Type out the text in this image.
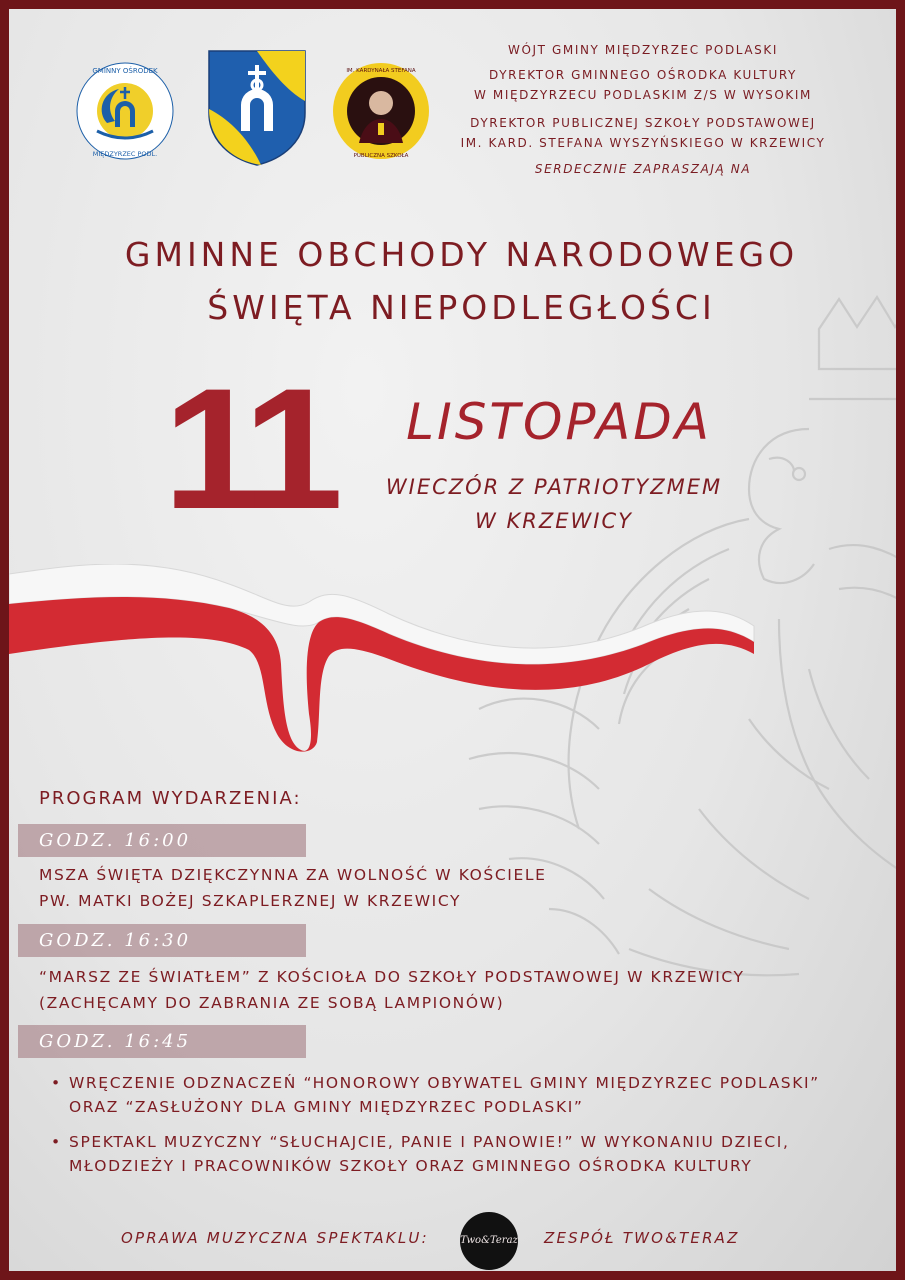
GMINNY OŚRODEK
MIĘDZYRZEC PODL.
IM. KARDYNAŁA STEFANA
PUBLICZNA SZKOŁA
WÓJT GMINY MIĘDZYRZEC PODLASKI
DYREKTOR GMINNEGO OŚRODKA KULTURY
W MIĘDZYRZECU PODLASKIM Z/S W WYSOKIM
DYREKTOR PUBLICZNEJ SZKOŁY PODSTAWOWEJ
IM. KARD. STEFANA WYSZYŃSKIEGO W KRZEWICY
SERDECZNIE ZAPRASZAJĄ NA
GMINNE OBCHODY NARODOWEGO
ŚWIĘTA NIEPODLEGŁOŚCI
11	LISTOPADA
WIECZÓR Z PATRIOTYZMEM
W KRZEWICY
PROGRAM WYDARZENIA:
GODZ. 16:00
MSZA ŚWIĘTA DZIĘKCZYNNA ZA WOLNOŚĆ W KOŚCIELE
PW. MATKI BOŻEJ SZKAPLERZNEJ W KRZEWICY
GODZ. 16:30
“MARSZ ZE ŚWIATŁEM” Z KOŚCIOŁA DO SZKOŁY PODSTAWOWEJ W KRZEWICY
(ZACHĘCAMY DO ZABRANIA ZE SOBĄ LAMPIONÓW)
GODZ. 16:45
• WRĘCZENIE ODZNACZEŃ “HONOROWY OBYWATEL GMINY MIĘDZYRZEC PODLASKI”
ORAZ “ZASŁUŻONY DLA GMINY MIĘDZYRZEC PODLASKI”
• SPEKTAKL MUZYCZNY “SŁUCHAJCIE, PANIE I PANOWIE!” W WYKONANIU DZIECI,
MŁODZIEŻY I PRACOWNIKÓW SZKOŁY ORAZ GMINNEGO OŚRODKA KULTURY
OPRAWA MUZYCZNA SPEKTAKLU:	Two&Teraz ZESPÓŁ TWO&TERAZ
